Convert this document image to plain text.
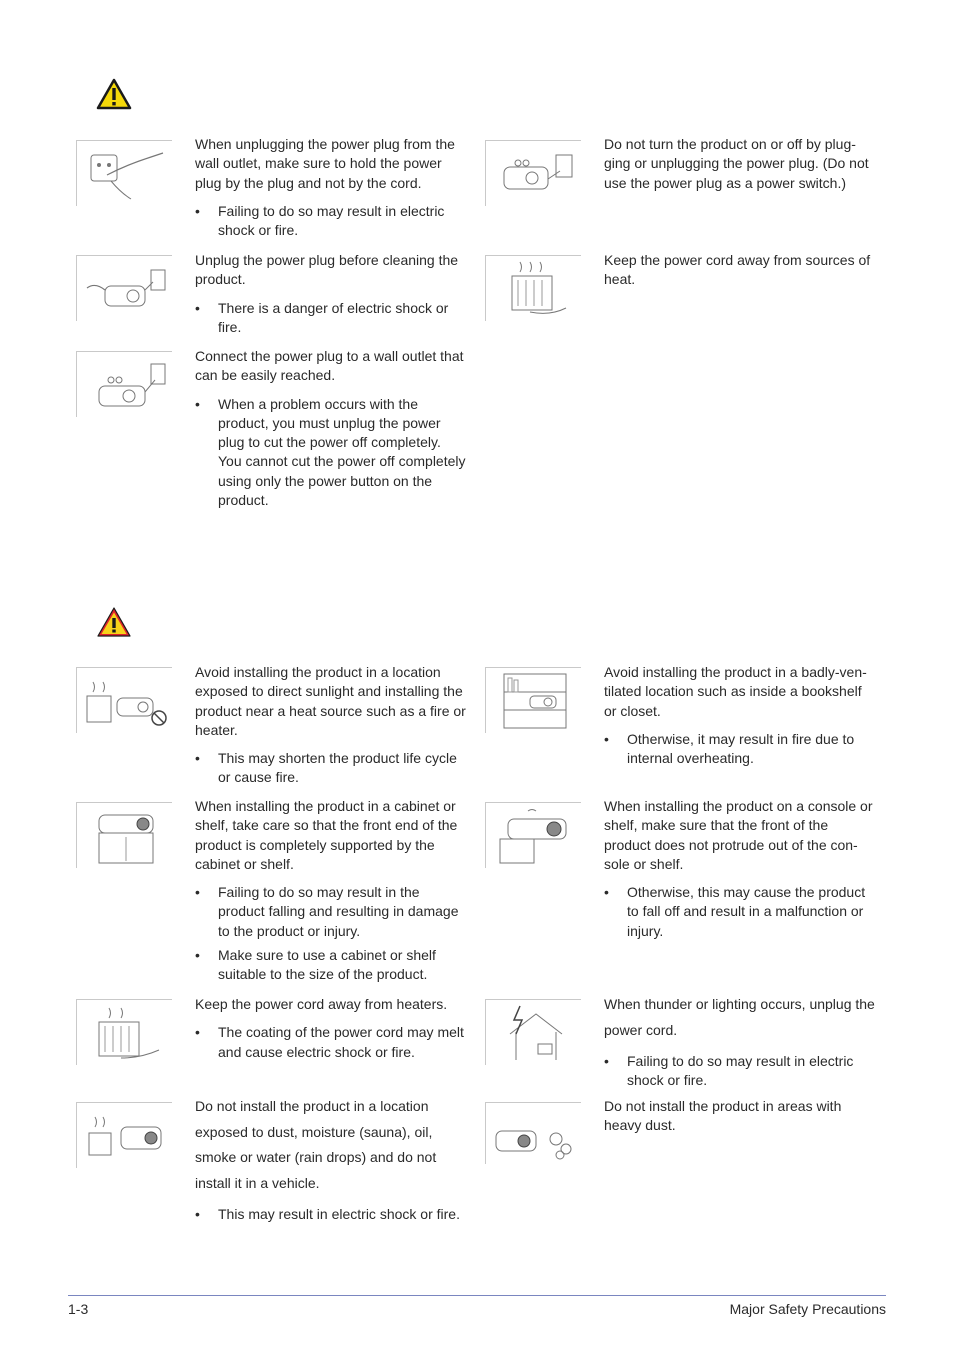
When unplugging the power plug from the wall outlet, make sure to hold the power plug by the plug and not by the cord.

• Failing to do so may result in electric shock or fire.

Do not turn the product on or off by plug-ging or unplugging the power plug. (Do not use the power plug as a power switch.)

Unplug the power plug before cleaning the product.

• There is a danger of electric shock or fire.

Keep the power cord away from sources of heat.

Connect the power plug to a wall outlet that can be easily reached.

• When a problem occurs with the product, you must unplug the power plug to cut the power off completely. You cannot cut the power off completely using only the power button on the product.

Avoid installing the product in a location exposed to direct sunlight and installing the product near a heat source such as a fire or heater.

• This may shorten the product life cycle or cause fire.

Avoid installing the product in a badly-ven-tilated location such as inside a bookshelf or closet.

• Otherwise, it may result in fire due to internal overheating.

When installing the product in a cabinet or shelf, take care so that the front end of the product is completely supported by the cabinet or shelf.

• Failing to do so may result in the product falling and resulting in damage to the product or injury.
• Make sure to use a cabinet or shelf suitable to the size of the product.

When installing the product on a console or shelf, make sure that the front of the product does not protrude out of the con-sole or shelf.

• Otherwise, this may cause the product to fall off and result in a malfunction or injury.

Keep the power cord away from heaters.

• The coating of the power cord may melt and cause electric shock or fire.

When thunder or lighting occurs, unplug the power cord.

• Failing to do so may result in electric shock or fire.

Do not install the product in a location exposed to dust, moisture (sauna), oil, smoke or water (rain drops) and do not install it in a vehicle.

• This may result in electric shock or fire.

Do not install the product in areas with heavy dust.

1-3	Major Safety Precautions
